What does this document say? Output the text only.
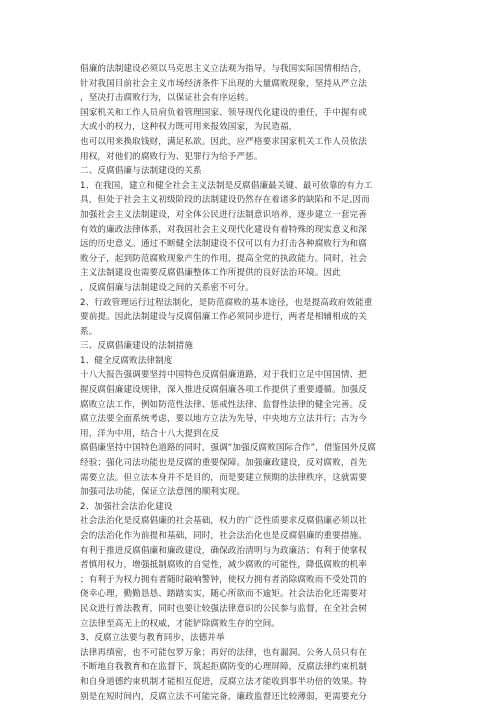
倡廉的法制建设必须以马克思主义立法观为指导，与我国实际国情相结合，

针对我国目前社会主义市场经济条件下出现的大量腐败现象，坚持从严立法

，坚决打击腐败行为，以保证社会有序运转。

国家机关和工作人员肩负着管理国家、领导现代化建设的重任，手中握有或

大或小的权力，这种权力既可用来报效国家，为民造福，

也可以用来换取钱财，满足私欲。因此，应严格要求国家机关工作人员依法

用权，对他们的腐败行为、犯罪行为给予严惩。

二、反腐倡廉与法制建设的关系

1、在我国，建立和健全社会主义法制是反腐倡廉最关键、最可依靠的有力工

具，但处于社会主义初级阶段的法制建设仍然存在着诸多的缺陷和不足,因而

加强社会主义法制建设，对全体公民进行法制意识培养，逐步建立一套完善

有效的廉政法律体系，对我国社会主义现代化建设有着特殊的现实意义和深

远的历史意义。通过不断健全法制建设不仅可以有力打击各种腐败行为和腐

败分子，起到防范腐败现象产生的作用，提高全党的执政能力。同时，社会

主义法制建设也需要反腐倡廉整体工作所提供的良好法治环境。因此

，反腐倡廉与法制建设之间的关系密不可分。

2、行政管理运行过程法制化，是防范腐败的基本途径，也是提高政府效能重

要前提。因此法制建设与反腐倡廉工作必须同步进行，两者是相辅相成的关

系。

三、反腐倡廉建设的法制措施

1、健全反腐败法律制度

十八大报告强调要坚持中国特色反腐倡廉道路，对于我们立足中国国情、把

握反腐倡廉建设规律，深入推进反腐倡廉各项工作提供了重要遵循。加强反

腐败立法工作，例如防范性法律、惩戒性法律、监督性法律的健全完善。反

腐立法要全面系统考虑，要以地方立法为先导，中央地方立法并行；古为今

用，洋为中用，结合十八大提到在反

腐倡廉坚持中国特色道路的同时，强调“加强反腐败国际合作”，借鉴国外反腐

经验；强化司法功能也是反腐的重要保障。加强廉政建设，反对腐败，首先

需要立法。但立法本身并不是目的，而是要建立预期的法律秩序，这就需要

加强司法功能，保证立法意图的顺利实现。

2、加强社会法治化建设

社会法治化是反腐倡廉的社会基础，权力的广泛性质要求反腐倡廉必须以社

会的法治化作为前提和基础，同时，社会法治化也是反腐倡廉的重要措施。

有利于推进反腐倡廉和廉政建设，确保政治清明与为政廉洁；有利于使掌权

者慎用权力，增强抵制腐败的自觉性，减少腐败的可能性，降低腐败的机率

；有利于为权力拥有者随时敲响警钟，使权力拥有者消除腐败而不受处罚的

侥幸心理，勤勤恳恳、踏踏实实，随心所欲而不逾矩。社会法治化还需要对

民众进行普法教育，同时也要让较强法律意识的公民参与监督，在全社会树

立法律至高无上的权威，才能铲除腐败生存的空间。

3、反腐立法要与教育同步，法德并举

法律再缜密，也不可能包罗万象；再好的法律，也有漏洞。公务人员只有在

不断地自我教育和在监督下，筑起拒腐防变的心理屏障，反腐法律约束机制

和自身道德约束机制才能相互促进，反腐立法才能收到事半功倍的效果。特

别是在短时间内，反腐立法不可能完备，廉政监督还比较薄弱，更需要充分
